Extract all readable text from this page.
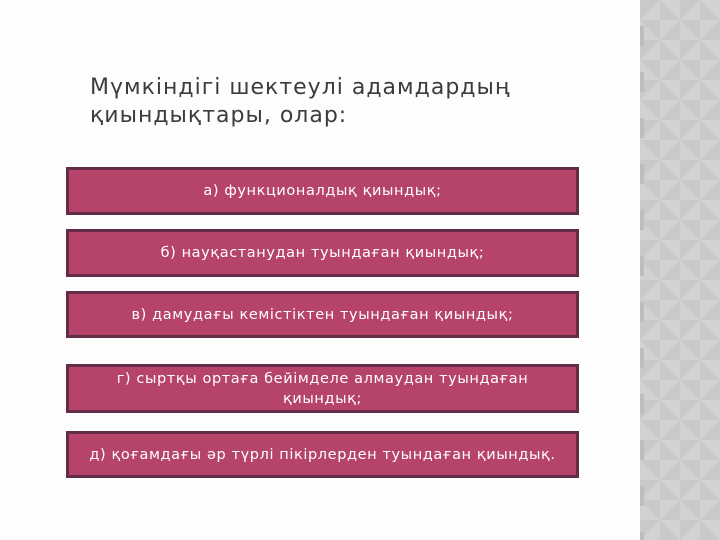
Мүмкіндігі шектеулі адамдардың қиындықтары, олар:
а) функционалдық қиындық;
б) науқастанудан туындаған қиындық;
в) дамудағы кемістіктен туындаған қиындық;
г) сыртқы ортаға бейімделе алмаудан туындаған қиындық;
д) қоғамдағы әр түрлі пікірлерден туындаған қиындық.
